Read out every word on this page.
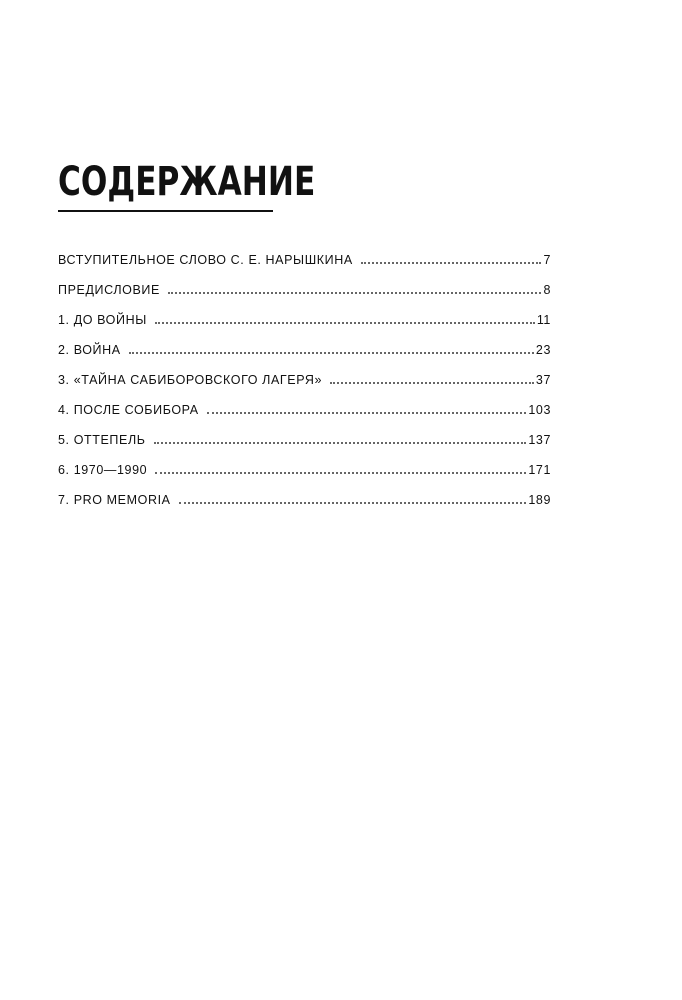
СОДЕРЖАНИЕ
ВСТУПИТЕЛЬНОЕ СЛОВО С. Е. НАРЫШКИНА	7
ПРЕДИСЛОВИЕ	8
1. ДО ВОЙНЫ	11
2. ВОЙНА	23
3. «ТАЙНА САБИБОРОВСКОГО ЛАГЕРЯ»	37
4. ПОСЛЕ СОБИБОРА	103
5. ОТТЕПЕЛЬ	137
6. 1970—1990	171
7. PRO MEMORIA	189
